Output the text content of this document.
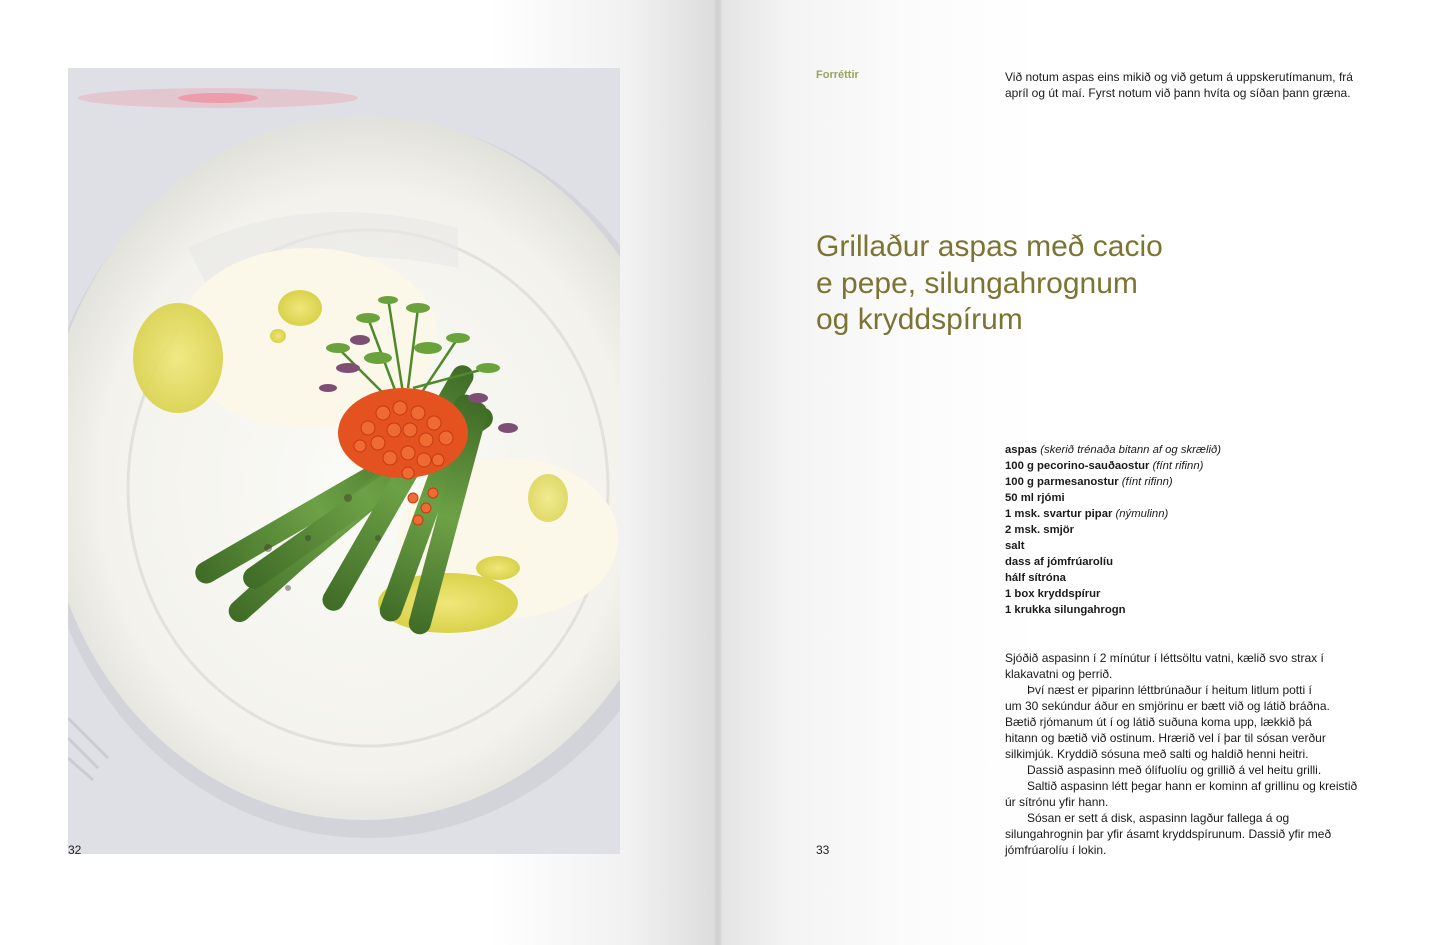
32	33
Forréttir	Við notum aspas eins mikið og við getum á uppskerutímanum, frá
apríl og út maí. Fyrst notum við þann hvíta og síðan þann græna.
Grillaður aspas með cacio
e pepe, silungahrognum
og kryddspírum
aspas (skerið trénaða bitann af og skrælið)
100 g pecorino-sauðaostur (fínt rifinn)
100 g parmesanostur (fínt rifinn)
50 ml rjómi
1 msk. svartur pipar (nýmulinn)
2 msk. smjör
salt
dass af jómfrúarolíu
hálf sítróna
1 box kryddspírur
1 krukka silungahrogn
Sjóðið aspasinn í 2 mínútur í léttsöltu vatni, kælið svo strax í
klakavatni og þerrið.
Því næst er piparinn léttbrúnaður í heitum litlum potti í
um 30 sekúndur áður en smjörinu er bætt við og látið bráðna.
Bætið rjómanum út í og látið suðuna koma upp, lækkið þá
hitann og bætið við ostinum. Hrærið vel í þar til sósan verður
silkimjúk. Kryddið sósuna með salti og haldið henni heitri.
Dassið aspasinn með ólífuolíu og grillið á vel heitu grilli.
Saltið aspasinn létt þegar hann er kominn af grillinu og kreistið
úr sítrónu yfir hann.
Sósan er sett á disk, aspasinn lagður fallega á og
silungahrognin þar yfir ásamt kryddspírunum. Dassið yfir með
jómfrúarolíu í lokin.
